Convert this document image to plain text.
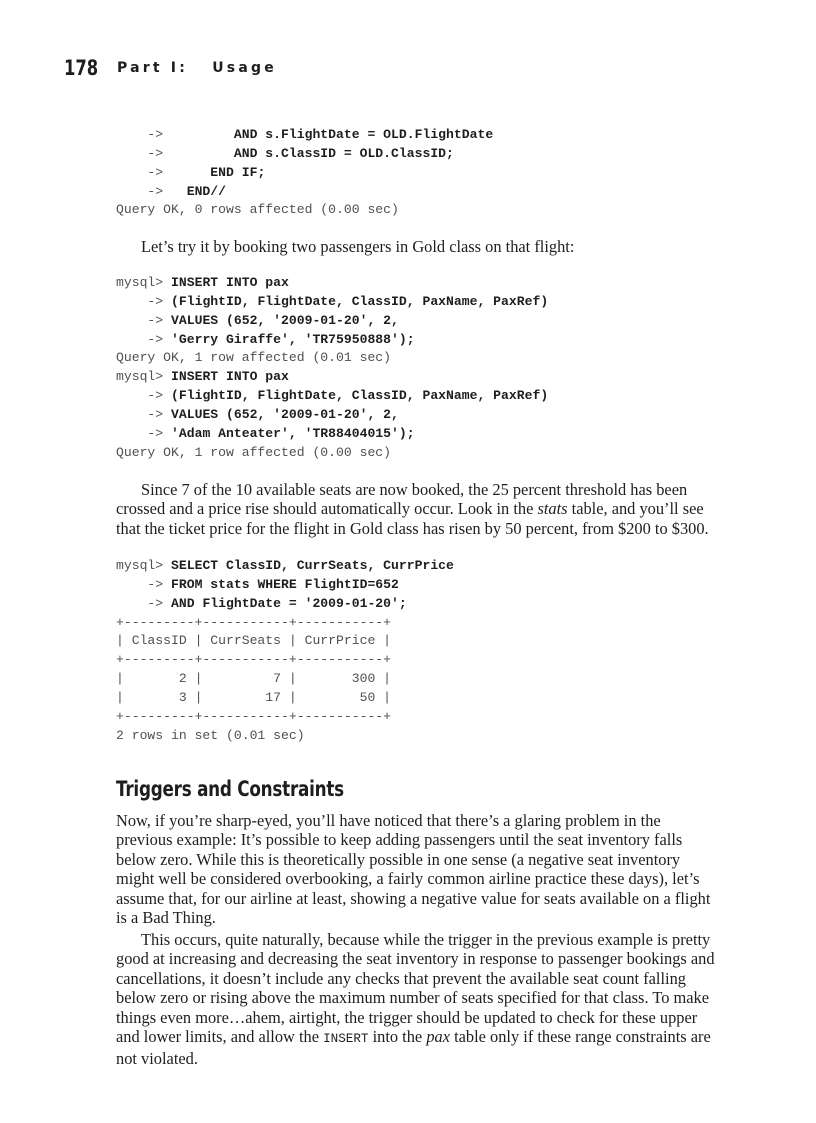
178 Part I:   Usage
->         AND s.FlightDate = OLD.FlightDate
->         AND s.ClassID = OLD.ClassID;
->      END IF;
->   END//
Query OK, 0 rows affected (0.00 sec)

Let’s try it by booking two passengers in Gold class on that flight:

mysql> INSERT INTO pax
-> (FlightID, FlightDate, ClassID, PaxName, PaxRef)
-> VALUES (652, '2009-01-20', 2,
-> 'Gerry Giraffe', 'TR75950888');
Query OK, 1 row affected (0.01 sec)
mysql> INSERT INTO pax
-> (FlightID, FlightDate, ClassID, PaxName, PaxRef)
-> VALUES (652, '2009-01-20', 2,
-> 'Adam Anteater', 'TR88404015');
Query OK, 1 row affected (0.00 sec)

Since 7 of the 10 available seats are now booked, the 25 percent threshold has been crossed and a price rise should automatically occur. Look in the stats table, and you’ll see that the ticket price for the flight in Gold class has risen by 50 percent, from $200 to $300.

mysql> SELECT ClassID, CurrSeats, CurrPrice
-> FROM stats WHERE FlightID=652
-> AND FlightDate = '2009-01-20';
+---------+-----------+-----------+
| ClassID | CurrSeats | CurrPrice |
+---------+-----------+-----------+
|       2 |         7 |       300 |
|       3 |        17 |        50 |
+---------+-----------+-----------+
2 rows in set (0.01 sec)
Triggers and Constraints

Now, if you’re sharp-eyed, you’ll have noticed that there’s a glaring problem in the previous example: It’s possible to keep adding passengers until the seat inventory falls below zero. While this is theoretically possible in one sense (a negative seat inventory might well be considered overbooking, a fairly common airline practice these days), let’s assume that, for our airline at least, showing a negative value for seats available on a flight is a Bad Thing.

This occurs, quite naturally, because while the trigger in the previous example is pretty good at increasing and decreasing the seat inventory in response to passenger bookings and cancellations, it doesn’t include any checks that prevent the available seat count falling below zero or rising above the maximum number of seats specified for that class. To make things even more…ahem, airtight, the trigger should be updated to check for these upper and lower limits, and allow the INSERT into the pax table only if these range constraints are not violated.
